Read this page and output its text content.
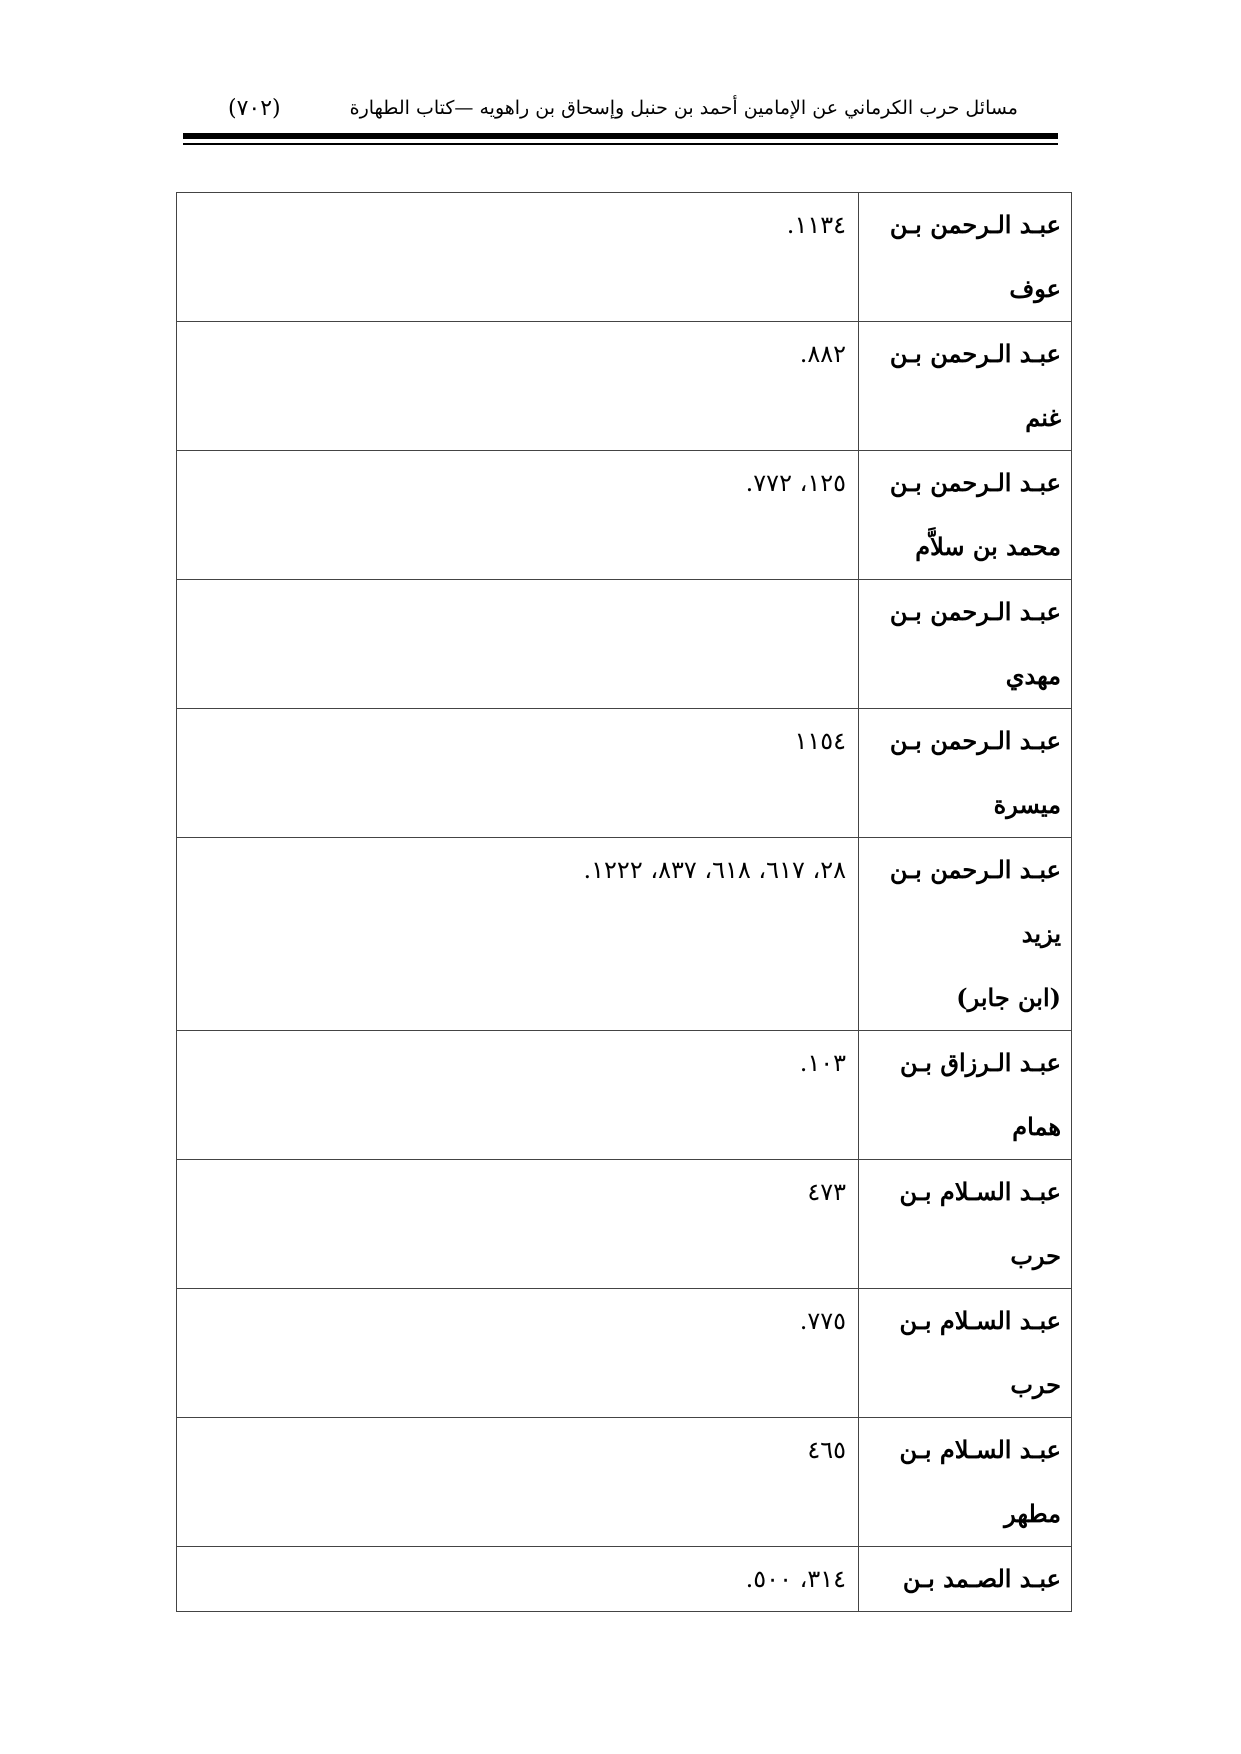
مسائل حرب الكرماني عن الإمامين أحمد بن حنبل وإسحاق بن راهويه —كتاب الطهارة
(٧٠٢)
عبـد الـرحمن بـن
عوف	١١٣٤.

عبـد الـرحمن بـن
غنم	٨٨٢.

عبـد الـرحمن بـن
محمد بن سلاَّم	١٢٥، ٧٧٢.

عبـد الـرحمن بـن
مهدي	

عبـد الـرحمن بـن
ميسرة	١١٥٤

عبـد الـرحمن بـن
يزيد
(ابن جابر)	٢٨، ٦١٧، ٦١٨، ٨٣٧، ١٢٢٢.

عبـد الـرزاق بـن
همام	١٠٣.

عبـد السـلام بـن
حرب	٤٧٣

عبـد السـلام بـن
حرب	٧٧٥.

عبـد السـلام بـن
مطهر	٤٦٥

عبـد الصـمد بـن	٣١٤، ٥٠٠.
